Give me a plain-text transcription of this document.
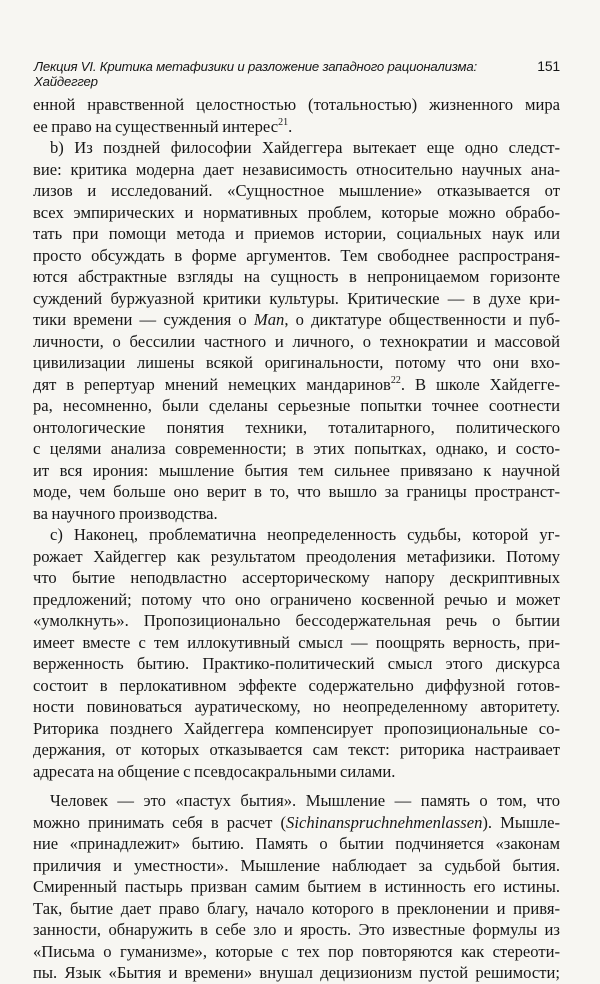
Лекция VI. Критика метафизики и разложение западного рационализма: Хайдеггер
151
енной нравственной целостностью (тотальностью) жизненного мира
ее право на существенный интерес$^{21}$.
b) Из поздней философии Хайдеггера вытекает еще одно следст-
вие: критика модерна дает независимость относительно научных ана-
лизов и исследований. «Сущностное мышление» отказывается от
всех эмпирических и нормативных проблем, которые можно обрабо-
тать при помощи метода и приемов истории, социальных наук или
просто обсуждать в форме аргументов. Тем свободнее распространя-
ются абстрактные взгляды на сущность в непроницаемом горизонте
суждений буржуазной критики культуры. Критические — в духе кри-
тики времени — суждения о Man, о диктатуре общественности и пуб-
личности, о бессилии частного и личного, о технократии и массовой
цивилизации лишены всякой оригинальности, потому что они вхо-
дят в репертуар мнений немецких мандаринов$^{22}$. В школе Хайдегге-
ра, несомненно, были сделаны серьезные попытки точнее соотнести
онтологические понятия техники, тоталитарного, политического
с целями анализа современности; в этих попытках, однако, и состо-
ит вся ирония: мышление бытия тем сильнее привязано к научной
моде, чем больше оно верит в то, что вышло за границы пространст-
ва научного производства.
c) Наконец, проблематична неопределенность судьбы, которой уг-
рожает Хайдеггер как результатом преодоления метафизики. Потому
что бытие неподвластно ассерторическому напору дескриптивных
предложений; потому что оно ограничено косвенной речью и может
«умолкнуть». Пропозиционально бессодержательная речь о бытии
имеет вместе с тем иллокутивный смысл — поощрять верность, при-
верженность бытию. Практико-политический смысл этого дискурса
состоит в перлокативном эффекте содержательно диффузной готов-
ности повиноваться ауратическому, но неопределенному авторитету.
Риторика позднего Хайдеггера компенсирует пропозициональные со-
держания, от которых отказывается сам текст: риторика настраивает
адресата на общение с псевдосакральными силами.
Человек — это «пастух бытия». Мышление — память о том, что
можно принимать себя в расчет (Sichinanspruchnehmenlassen). Мышле-
ние «принадлежит» бытию. Память о бытии подчиняется «законам
приличия и уместности». Мышление наблюдает за судьбой бытия.
Смиренный пастырь призван самим бытием в истинность его истины.
Так, бытие дает право благу, начало которого в преклонении и привя-
занности, обнаружить в себе зло и ярость. Это известные формулы из
«Письма о гуманизме», которые с тех пор повторяются как стереоти-
пы. Язык «Бытия и времени» внушал децизионизм пустой решимости;
